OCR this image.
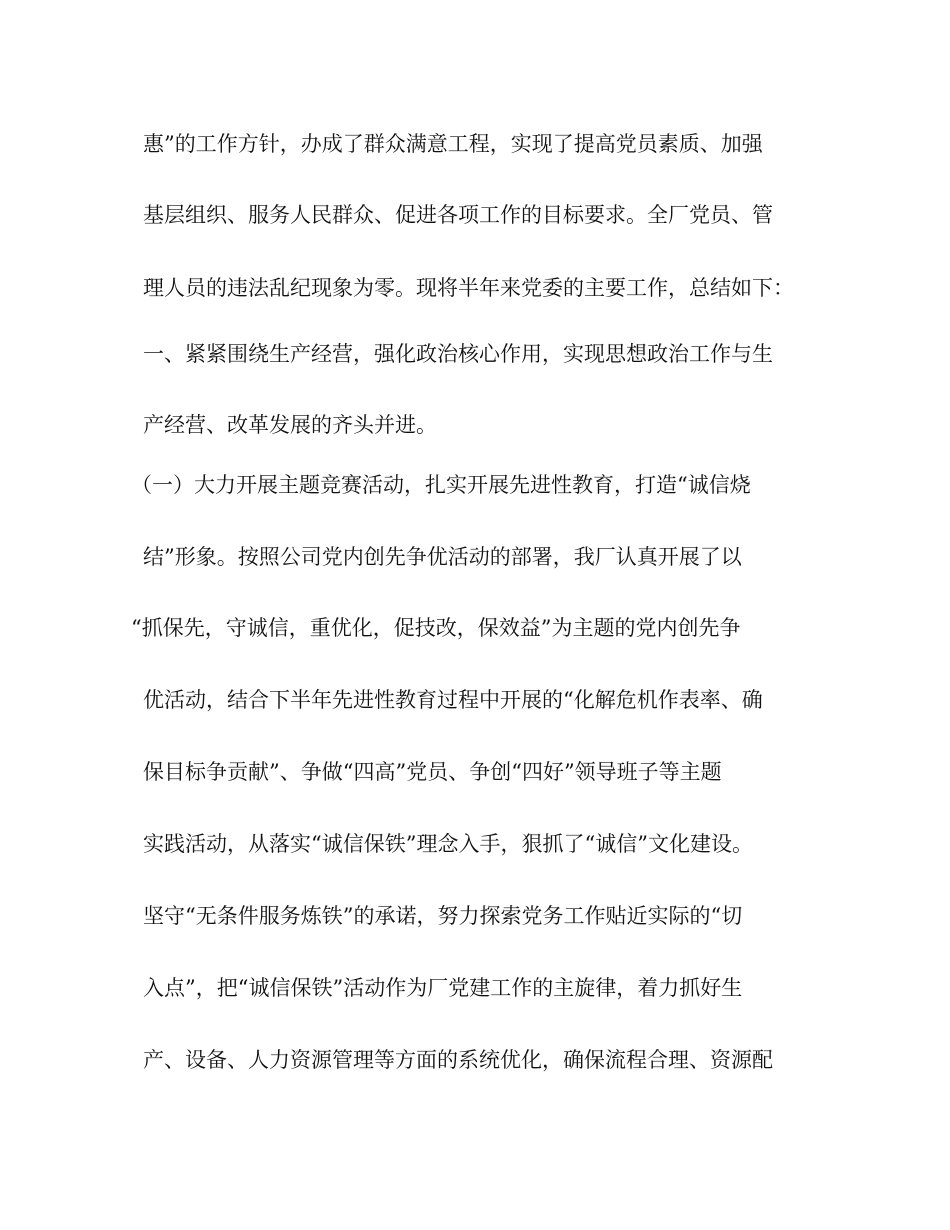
惠”的工作方针，办成了群众满意工程，实现了提高党员素质、加强
基层组织、服务人民群众、促进各项工作的目标要求。全厂党员、管
理人员的违法乱纪现象为零。现将半年来党委的主要工作，总结如下：
一、紧紧围绕生产经营，强化政治核心作用，实现思想政治工作与生
产经营、改革发展的齐头并进。
（一）大力开展主题竞赛活动，扎实开展先进性教育，打造“诚信烧
结”形象。按照公司党内创先争优活动的部署，我厂认真开展了以
“抓保先，守诚信，重优化，促技改，保效益”为主题的党内创先争
优活动，结合下半年先进性教育过程中开展的“化解危机作表率、确
保目标争贡献”、争做“四高”党员、争创“四好”领导班子等主题
实践活动，从落实“诚信保铁”理念入手，狠抓了“诚信”文化建设。
坚守“无条件服务炼铁”的承诺，努力探索党务工作贴近实际的“切
入点”，把“诚信保铁”活动作为厂党建工作的主旋律，着力抓好生
产、设备、人力资源管理等方面的系统优化，确保流程合理、资源配
